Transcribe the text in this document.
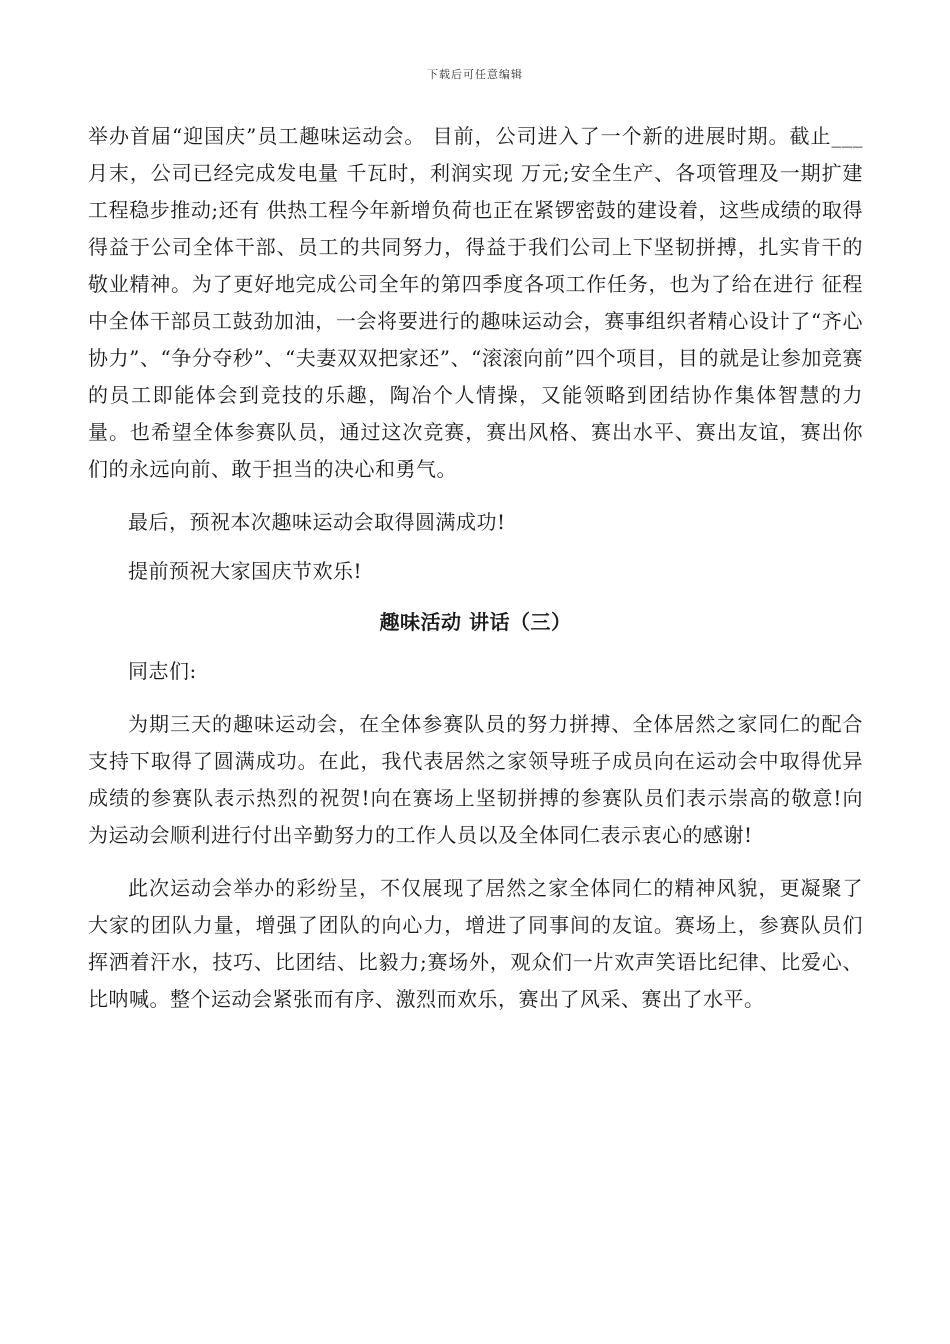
下载后可任意编辑

举办首届“迎国庆”员工趣味运动会。 目前，公司进入了一个新的进展时期。截止___月末，公司已经完成发电量 千瓦时，利润实现 万元;安全生产、各项管理及一期扩建工程稳步推动;还有 供热工程今年新增负荷也正在紧锣密鼓的建设着，这些成绩的取得得益于公司全体干部、员工的共同努力，得益于我们公司上下坚韧拼搏，扎实肯干的敬业精神。为了更好地完成公司全年的第四季度各项工作任务，也为了给在进行 征程中全体干部员工鼓劲加油，一会将要进行的趣味运动会，赛事组织者精心设计了“齐心协力”、“争分夺秒”、“夫妻双双把家还”、“滚滚向前”四个项目，目的就是让参加竞赛的员工即能体会到竞技的乐趣，陶冶个人情操，又能领略到团结协作集体智慧的力量。也希望全体参赛队员，通过这次竞赛，赛出风格、赛出水平、赛出友谊，赛出你们的永远向前、敢于担当的决心和勇气。

最后，预祝本次趣味运动会取得圆满成功!

提前预祝大家国庆节欢乐!

趣味活动 讲话（三）

同志们:

为期三天的趣味运动会，在全体参赛队员的努力拼搏、全体居然之家同仁的配合支持下取得了圆满成功。在此，我代表居然之家领导班子成员向在运动会中取得优异成绩的参赛队表示热烈的祝贺!向在赛场上坚韧拼搏的参赛队员们表示崇高的敬意!向为运动会顺利进行付出辛勤努力的工作人员以及全体同仁表示衷心的感谢!

此次运动会举办的彩纷呈，不仅展现了居然之家全体同仁的精神风貌，更凝聚了大家的团队力量，增强了团队的向心力，增进了同事间的友谊。赛场上，参赛队员们挥洒着汗水，技巧、比团结、比毅力;赛场外，观众们一片欢声笑语比纪律、比爱心、比呐喊。整个运动会紧张而有序、激烈而欢乐，赛出了风采、赛出了水平。
